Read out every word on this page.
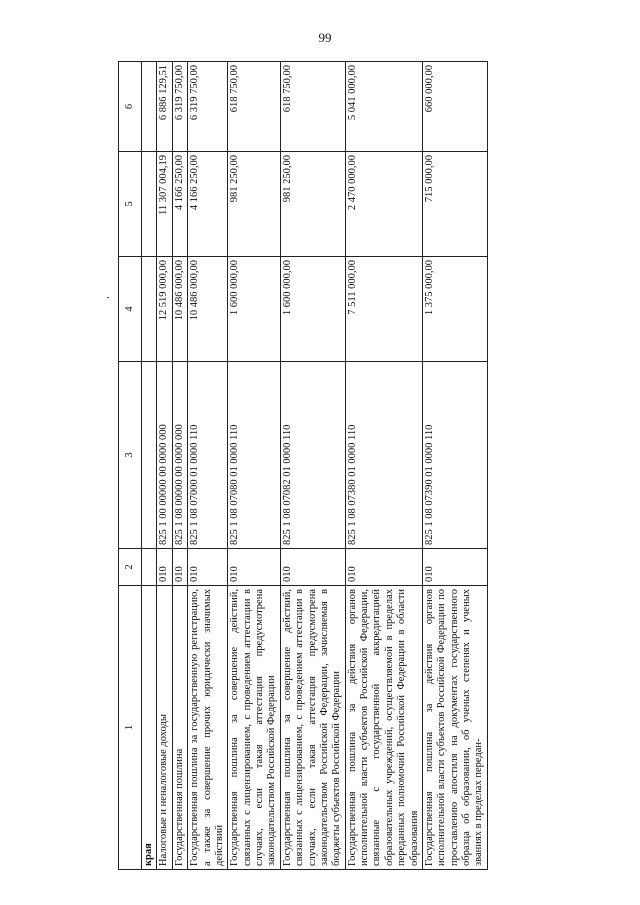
99
1	2	3	4	5	6
края					
Налоговые и неналоговые доходы	010	825 1 00 00000 00 0000 000	12 519 000,00	11 307 004,19	6 886 129,51
Государственная пошлина	010	825 1 08 00000 00 0000 000	10 486 000,00	4 166 250,00	6 319 750,00
Государственная пошлина за государственную регистрацию, а также за совершение прочих юридически значимых действий	010	825 1 08 07000 01 0000 110	10 486 000,00	4 166 250,00	6 319 750,00
Государственная пошлина за совершение действий, связанных с лицензированием, с проведением аттестации в случаях, если такая аттестация предусмотрена законодательством Российской Федерации	010	825 1 08 07080 01 0000 110	1 600 000,00	981 250,00	618 750,00
Государственная пошлина за совершение действий, связанных с лицензированием, с проведением аттестации в случаях, если такая аттестация предусмотрена законодательством Российской Федерации, зачисляемая в бюджеты субъектов Российской Федерации	010	825 1 08 07082 01 0000 110	1 600 000,00	981 250,00	618 750,00
Государственная пошлина за действия органов исполнительной власти субъектов Российской Федерации, связанные с государственной аккредитацией образовательных учреждений, осуществляемой в пределах переданных полномочий Российской Федерации в области образования	010	825 1 08 07380 01 0000 110	7 511 000,00	2 470 000,00	5 041 000,00
Государственная пошлина за действия органов исполнительной власти субъектов Российской Федерации по проставлению апостиля на документах государственного образца об образовании, об ученых степенях и ученых званиях в пределах передан-	010	825 1 08 07390 01 0000 110	1 375 000,00	715 000,00	660 000,00
